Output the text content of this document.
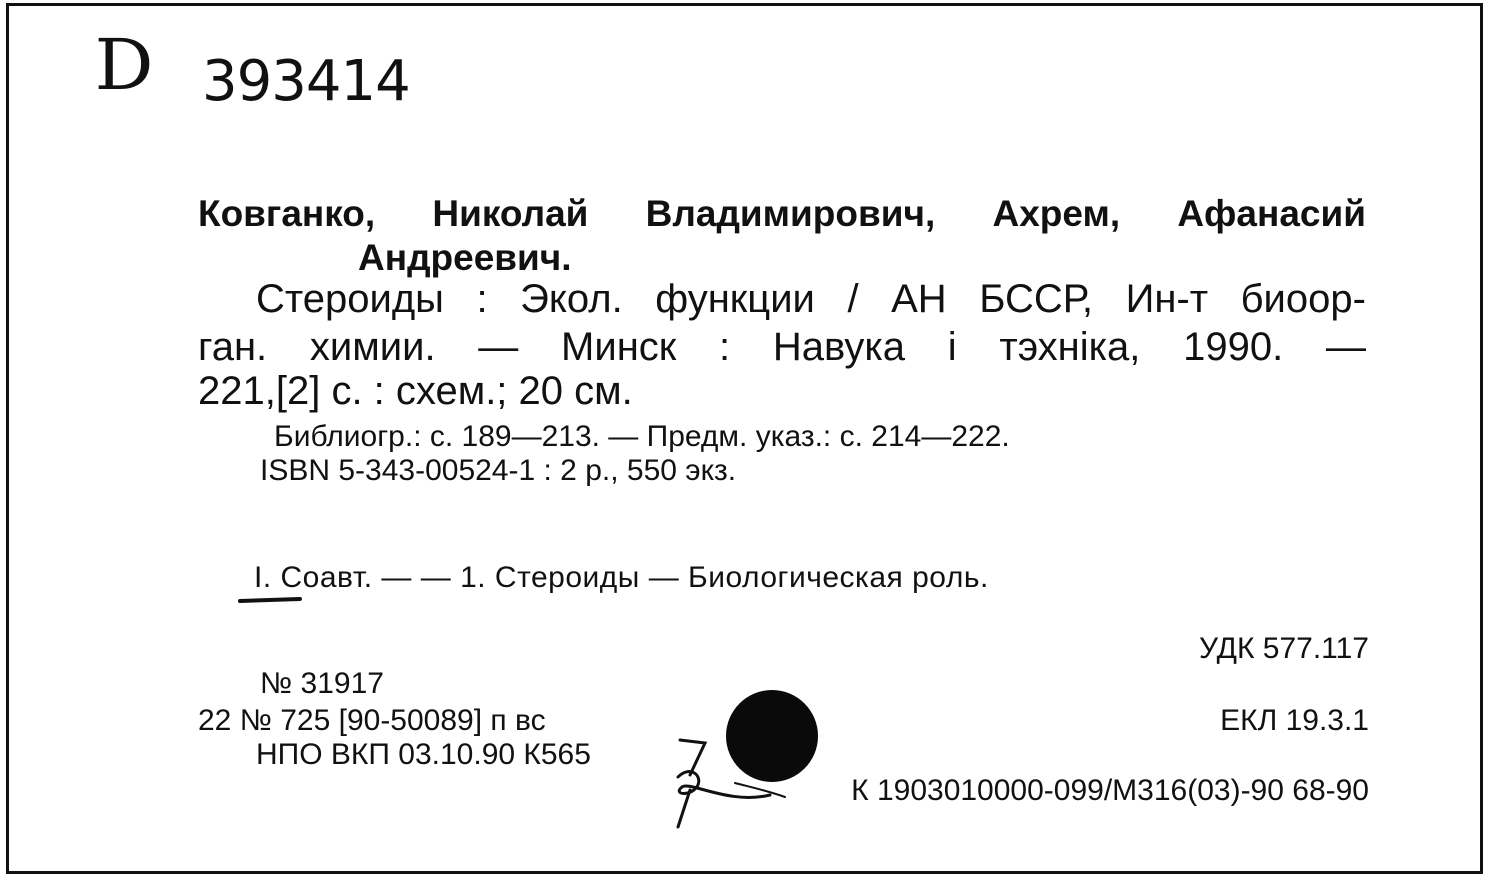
D 393414
Ковганко, Николай Владимирович, Ахрем, Афанасий
Андреевич.
Стероиды : Экол. функции / АН БССР, Ин-т биоор-
ган. химии. — Минск : Навука і тэхніка, 1990. —
221,[2] с. : схем.; 20 см.
Библиогр.: с. 189—213. — Предм. указ.: с. 214—222.
ISBN 5-343-00524-1 : 2 р., 550 экз.
I. Соавт. — — 1. Стероиды — Биологическая роль.
УДК 577.117
№ 31917
ЕКЛ 19.3.1
22 № 725 [90-50089] п вс
НПО ВКП 03.10.90 К565
К 1903010000-099/М316(03)-90 68-90
